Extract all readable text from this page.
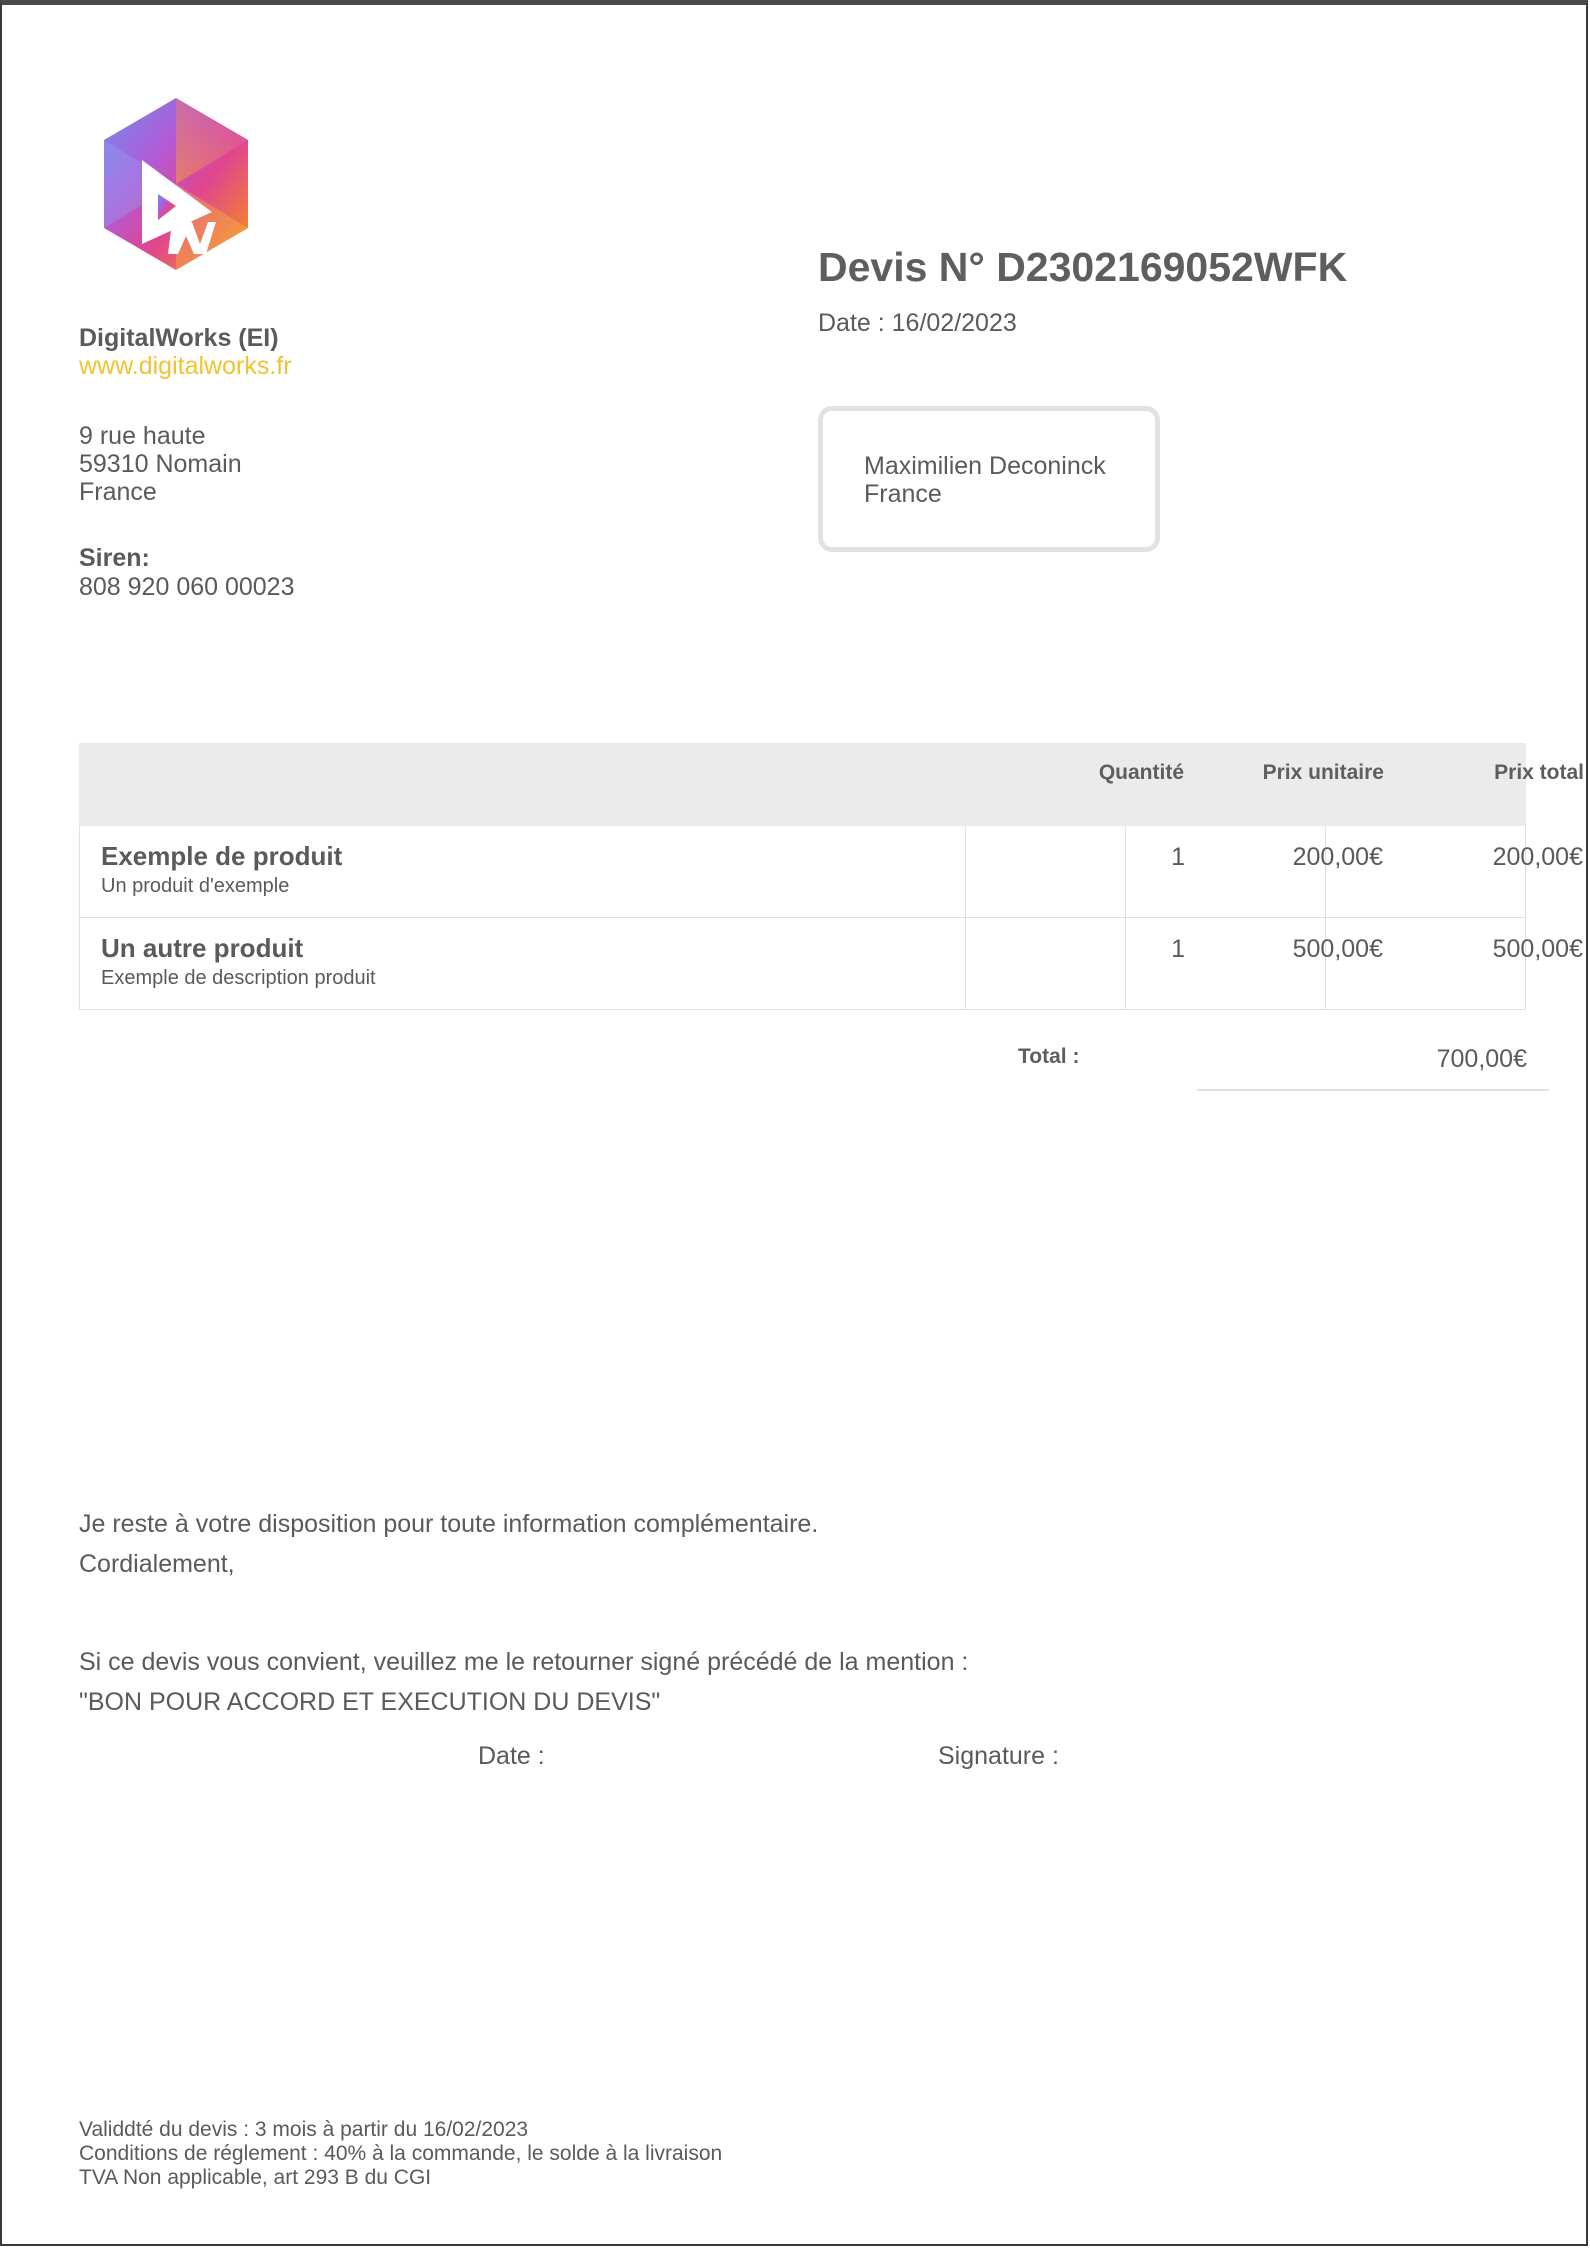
DigitalWorks (EI)
www.digitalworks.fr
9 rue haute
59310 Nomain
France
Siren:
808 920 060 00023
Devis N° D2302169052WFK
Date : 16/02/2023
Maximilien Deconinck
France
Quantité	Prix unitaire	Prix total
Exemple de produit
Un produit d'exemple
1	200,00€	200,00€
Un autre produit
Exemple de description produit
1	500,00€	500,00€
Total :	700,00€
Je reste à votre disposition pour toute information complémentaire.
Cordialement,
Si ce devis vous convient, veuillez me le retourner signé précédé de la mention :
"BON POUR ACCORD ET EXECUTION DU DEVIS"
Date :	Signature :
Validdté du devis : 3 mois à partir du 16/02/2023
Conditions de réglement : 40% à la commande, le solde à la livraison
TVA Non applicable, art 293 B du CGI
